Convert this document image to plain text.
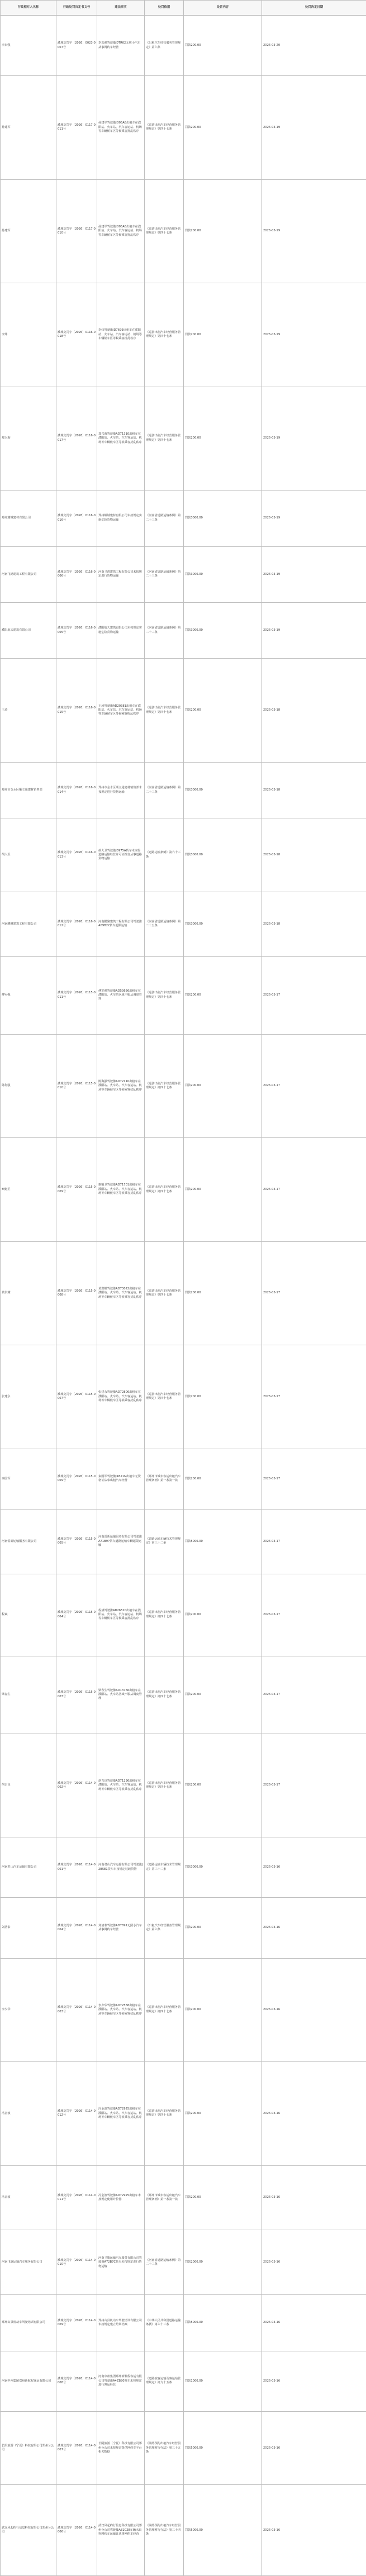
行政相对人名称	行政处罚决定书文号	违法事实	处罚依据	处罚内容	处罚决定日期
李东强	濮城交罚字〔2026〕0023-0007号	李东强驾驶豫J0TR02无照小汽车从事网约车经营	《出租汽车经营服务管理规定》第六条	罚款200.00	2026-03-20
孙建军	濮城交罚字〔2026〕0117-0011号	孙建军驾驶豫JD05A8出租车在濮阳站、火车站、汽车客运站、机场等车辆候车区等候乘客扰乱秩序	《巡游出租汽车经营服务管理规定》第四十七条	罚款200.00	2026-03-19
孙建军	濮城交罚字〔2026〕0117-0010号	孙建军驾驶豫JD05A8出租车在濮阳站、火车站、汽车客运站、机场等车辆候车区等候乘客扰乱秩序	《巡游出租汽车经营服务管理规定》第四十七条	罚款200.00	2026-03-19
李炜	濮城交罚字〔2026〕0116-0018号	李炜驾驶豫JD7699出租车在濮阳站、火车站、汽车客运站、机场等车辆候车区等候乘客扰乱秩序	《巡游出租汽车经营服务管理规定》第四十七条	罚款200.00	2026-03-19
郑兴海	濮城交罚字〔2026〕0116-0017号	郑兴海驾驶豫AD71310出租车在濮阳站、火车站、汽车客运站、机场等车辆候车区等候乘客扰乱秩序	《巡游出租汽车经营服务管理规定》第四十七条	罚款200.00	2026-03-19
郑州耀城建材有限公司	濮城交罚字〔2026〕0116-0016号	郑州耀城建材有限公司未按规定实施危险货物运输	《河南省道路运输条例》第二十三条	罚款3000.00	2026-03-19
河南飞鸿建筑工程有限公司	濮城交罚字〔2026〕0116-0006号	河南飞鸿建筑工程有限公司未按规定进行货物运输	《河南省道路运输条例》第二十三条	罚款3000.00	2026-03-19
濮阳航天建筑有限公司	濮城交罚字〔2026〕0116-0005号	濮阳航天建筑有限公司未按规定实施危险货物运输	《河南省道路运输条例》第二十三条	罚款3000.00	2026-03-19
王涛	濮城交罚字〔2026〕0116-0015号	王涛驾驶豫AD20381出租车在濮阳站、火车站、汽车客运站、机场等车辆候车区等候乘客扰乱秩序	《巡游出租汽车经营服务管理规定》第四十七条	罚款200.00	2026-03-18
郑州市金水区顺立通建材销售部	濮城交罚字〔2026〕0116-0014号	郑州市金水区顺立通建材销售部未按规定进行货物运输	《河南省道路运输条例》第二十三条	罚款3000.00	2026-03-18
胡大卫	濮城交罚字〔2026〕0116-0013号	胡大卫驾驶豫J0975A货车未取得道路运输经营许可证擅自从事道路货物运输	《道路运输条例》第六十三条	罚款3000.00	2026-03-18
河南鹏聚建筑工程有限公司	濮城交罚字〔2026〕0116-0012号	河南鹏聚建筑工程有限公司驾驶豫A09B2Y货车超限运输	《河南省道路运输条例》第二十五条	罚款3000.00	2026-03-18
傅军强	濮城交罚字〔2026〕0115-0011号	傅军强驾驶豫AD53656出租车在濮阳站、火车站区域不服从调度管理	《巡游出租汽车经营服务管理规定》第四十七条	罚款200.00	2026-03-17
陈海强	濮城交罚字〔2026〕0115-0010号	陈海强驾驶豫AD72110出租车在濮阳站、火车站、汽车客运站、机场等车辆候车区等候乘客扰乱秩序	《巡游出租汽车经营服务管理规定》第四十七条	罚款200.00	2026-03-17
甄魁卫	濮城交罚字〔2026〕0115-0009号	甄魁卫驾驶豫AD71701出租车在濮阳站、火车站、汽车客运站、机场等车辆候车区等候乘客扰乱秩序	《巡游出租汽车经营服务管理规定》第四十七条	罚款200.00	2026-03-17
黄洪耀	濮城交罚字〔2026〕0115-0008号	黄洪耀驾驶豫AD73022出租车在濮阳站、火车站、汽车客运站、机场等车辆候车区等候乘客扰乱秩序	《巡游出租汽车经营服务管理规定》第四十七条	罚款200.00	2026-03-17
张建永	濮城交罚字〔2026〕0115-0007号	张建永驾驶豫AD72806出租车在濮阳站、火车站、汽车客运站、机场等车辆候车区等候乘客扰乱秩序	《巡游出租汽车经营服务管理规定》第四十七条	罚款200.00	2026-03-17
秦国军	濮城交罚字〔2026〕0115-0009号	秦国军驾驶豫J1B21N出租车无资格证从事出租汽车经营	《郑州市城市客运出租汽车管理条例》第一条第一款	罚款200.00	2026-03-17
河南雷新运输服务有限公司	濮城交罚字〔2026〕0115-0005号	河南雷新运输服务有限公司驾驶豫A71B9P货车道路运输车辆超限运输	《道路运输车辆技术管理规定》第三十二条	罚款5000.00	2026-03-17
程斌	濮城交罚字〔2026〕0115-0004号	程斌驾驶豫AD26520出租车在濮阳站、火车站、汽车客运站、机场等车辆候车区等候乘客扰乱秩序	《巡游出租汽车经营服务管理规定》第四十七条	罚款200.00	2026-03-17
梁春生	濮城交罚字〔2026〕0115-0003号	梁春生驾驶豫AD13766出租车在濮阳站、火车站区域不服从调度管理	《巡游出租汽车经营服务管理规定》第四十七条	罚款200.00	2026-03-17
胡吉良	濮城交罚字〔2026〕0114-0002号	胡吉良驾驶豫AD71236出租车在濮阳站、火车站、汽车客运站、机场等车辆候车区等候乘客扰乱秩序	《巡游出租汽车经营服务管理规定》第四十七条	罚款200.00	2026-03-17
河南君山汽车运输有限公司	濮城交罚字〔2026〕0114-0001号	河南君山汽车运输有限公司驾驶豫J2B5E1货车未按规定装载货物	《道路运输车辆技术管理规定》第三十二条	罚款3000.00	2026-03-16
刘清泰	濮城交罚字〔2026〕0114-0004号	刘清泰驾驶豫AD7891无照小汽车从事网约车经营	《出租汽车经营服务管理规定》第六条	罚款200.00	2026-03-16
李少华	濮城交罚字〔2026〕0114-0003号	李少华驾驶豫AD72568出租车在濮阳站、火车站、汽车客运站、机场等车辆候车区等候乘客扰乱秩序	《巡游出租汽车经营服务管理规定》第四十七条	罚款200.00	2026-03-16
冯金波	濮城交罚字〔2026〕0114-0012号	冯金波驾驶豫AD72925出租车在濮阳站、火车站、汽车客运站、机场等车辆候车区等候乘客扰乱秩序	《巡游出租汽车经营服务管理规定》第四十七条	罚款200.00	2026-03-16
冯金波	濮城交罚字〔2026〕0114-0011号	冯金波驾驶豫AD72925出租车未按规定使用计价器	《郑州市城市客运出租汽车管理条例》第一条第一款	罚款200.00	2026-03-16
河南飞旗运输汽车服务有限公司	濮城交罚字〔2026〕0114-0010号	河南飞旗运输汽车服务有限公司驾驶豫A72B7C货车未按规定进行货物运输	《河南省道路运输条例》第二十三条	罚款2000.00	2026-03-16
郑州山县机动车驾驶培训有限公司	濮城交罚字〔2026〕0114-0009号	郑州山县机动车驾驶培训有限公司未按规定建立培训档案	《中华人民共和国道路运输条例》第六十三条	罚款5000.00	2026-03-16
河南中州集团郑州新航程客运有限公司	濮城交罚字〔2026〕0114-0008号	河南中州集团郑州新航程客运有限公司驾驶豫A4ZB80客车未按规定进行客运经营	《道路旅客运输及客运站管理规定》第九十五条	罚款1000.00	2026-03-16
长阴旅游（宁夏）科技有限公司郑州分公司	濮城交罚字〔2026〕0114-0007号	长阴旅游（宁夏）科技有限公司郑州分公司未按规定提供网约车平台相关数据	《网络预约出租汽车经营服务管理暂行办法》第三十五条	罚款5000.00	2026-03-16
武汉风起约行信息科技有限公司郑州分公司	濮城交罚字〔2026〕0114-0006号	武汉风起约行信息科技有限公司郑州分公司驾驶豫A81C28车辆未取得网约车运输证从事网约车经营	《网络预约出租汽车经营服务管理暂行办法》第三十四条	罚款5000.00	2026-03-16
